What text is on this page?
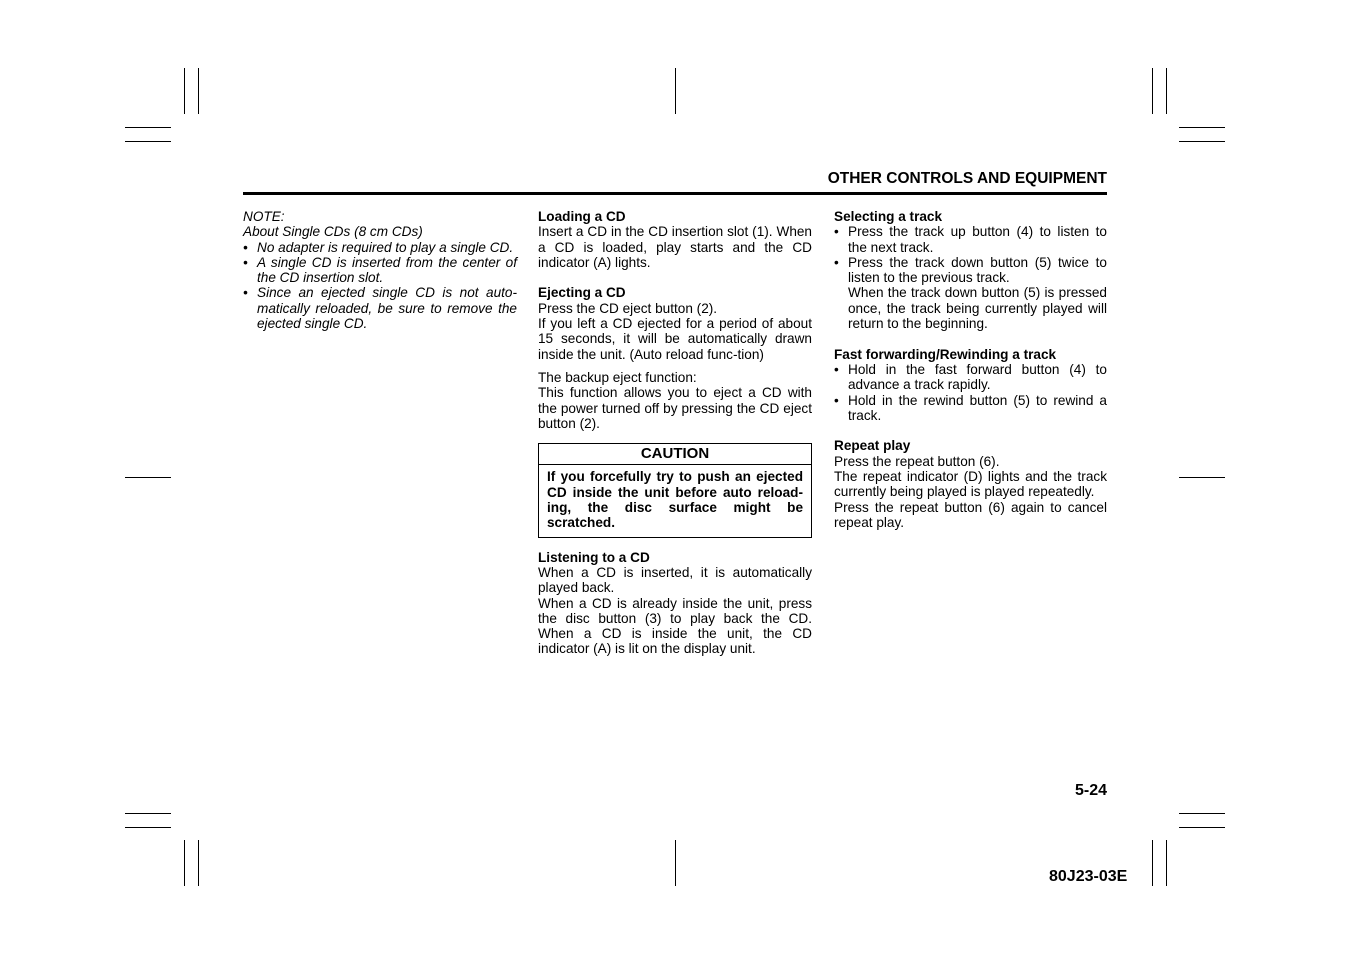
OTHER CONTROLS AND EQUIPMENT

NOTE:

About Single CDs (8 cm CDs)

• No adapter is required to play a single CD.
• A single CD is inserted from the center of the CD insertion slot.
• Since an ejected single CD is not auto-matically reloaded, be sure to remove the ejected single CD.

Loading a CD

Insert a CD in the CD insertion slot (1). When a CD is loaded, play starts and the CD indicator (A) lights.

Ejecting a CD

Press the CD eject button (2).

If you left a CD ejected for a period of about 15 seconds, it will be automatically drawn inside the unit. (Auto reload func-tion)

The backup eject function:

This function allows you to eject a CD with the power turned off by pressing the CD eject button (2).

CAUTION
If you forcefully try to push an ejected CD inside the unit before auto reload-ing, the disc surface might be scratched.

Listening to a CD

When a CD is inserted, it is automatically played back.

When a CD is already inside the unit, press the disc button (3) to play back the CD. When a CD is inside the unit, the CD indicator (A) is lit on the display unit.

Selecting a track

• Press the track up button (4) to listen to the next track.
• Press the track down button (5) twice to listen to the previous track.
When the track down button (5) is pressed once, the track being currently played will return to the beginning.

Fast forwarding/Rewinding a track

• Hold in the fast forward button (4) to advance a track rapidly.
• Hold in the rewind button (5) to rewind a track.

Repeat play

Press the repeat button (6).

The repeat indicator (D) lights and the track currently being played is played repeatedly.

Press the repeat button (6) again to cancel repeat play.

5-24
80J23-03E
